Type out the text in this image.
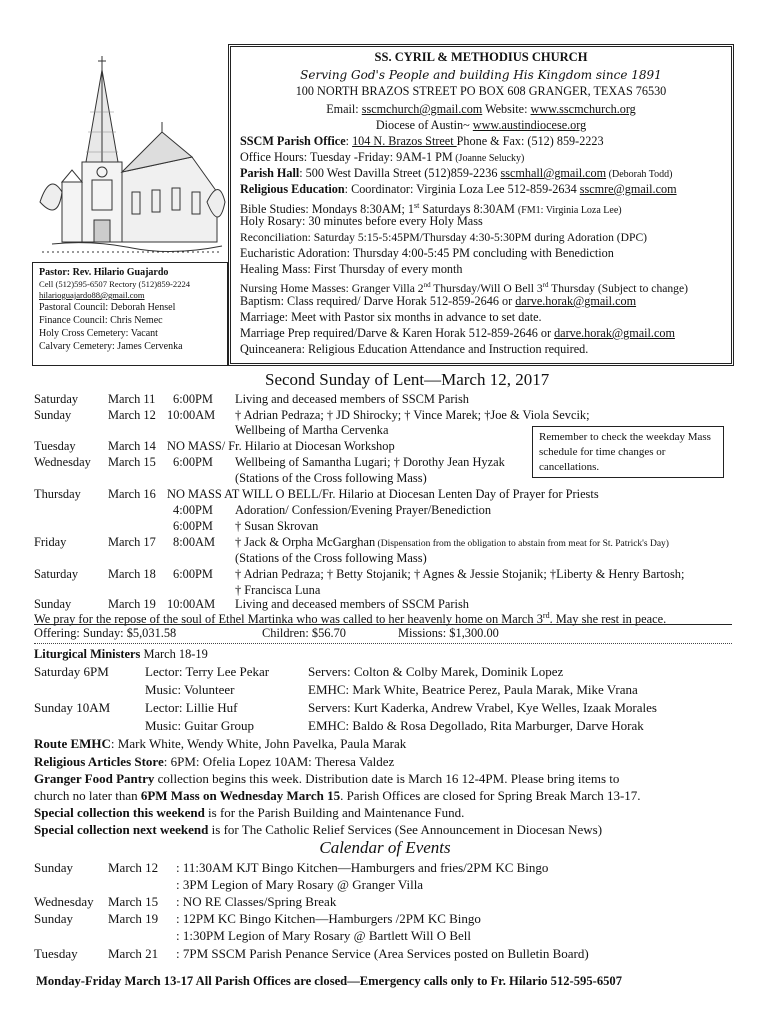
Pastor: Rev. Hilario Guajardo
Cell (512)595-6507 Rectory (512)859-2224
hilarioguajardo88@gmail.com
Pastoral Council: Deborah Hensel
Finance Council: Chris Nemec
Holy Cross Cemetery: Vacant
Calvary Cemetery: James Cervenka
SS. CYRIL & METHODIUS CHURCH
Serving God's People and building His Kingdom since 1891
100 NORTH BRAZOS STREET PO BOX 608 GRANGER, TEXAS 76530
Email: sscmchurch@gmail.com Website: www.sscmchurch.org
Diocese of Austin~ www.austindiocese.org
SSCM Parish Office: 104 N. Brazos Street Phone & Fax: (512) 859-2223
Office Hours: Tuesday -Friday: 9AM-1 PM (Joanne Selucky)
Parish Hall: 500 West Davilla Street (512)859-2236 sscmhall@gmail.com (Deborah Todd)
Religious Education: Coordinator: Virginia Loza Lee 512-859-2634 sscmre@gmail.com
Bible Studies: Mondays 8:30AM; 1st Saturdays 8:30AM (FM1: Virginia Loza Lee)
Holy Rosary: 30 minutes before every Holy Mass
Reconciliation: Saturday 5:15-5:45PM/Thursday 4:30-5:30PM during Adoration (DPC)
Eucharistic Adoration: Thursday 4:00-5:45 PM concluding with Benediction
Healing Mass: First Thursday of every month
Nursing Home Masses: Granger Villa 2nd Thursday/Will O Bell 3rd Thursday (Subject to change)
Baptism: Class required/ Darve Horak 512-859-2646 or darve.horak@gmail.com
Marriage: Meet with Pastor six months in advance to set date.
Marriage Prep required/Darve & Karen Horak 512-859-2646 or darve.horak@gmail.com
Quinceanera: Religious Education Attendance and Instruction required.
Second Sunday of Lent—March 12, 2017
Saturday March 11 6:00PM Living and deceased members of SSCM Parish
Sunday	March 12 10:00AM † Adrian Pedraza; † JD Shirocky; † Vince Marek; †Joe & Viola Sevcik;
Wellbeing of Martha Cervenka
Tuesday	March 14 NO MASS/ Fr. Hilario at Diocesan Workshop
Wednesday March 15 6:00PM Wellbeing of Samantha Lugari; † Dorothy Jean Hyzak
(Stations of the Cross following Mass)
Thursday March 16 NO MASS AT WILL O BELL/Fr. Hilario at Diocesan Lenten Day of Prayer for Priests
4:00PM Adoration/ Confession/Evening Prayer/Benediction
6:00PM † Susan Skrovan
Friday	March 17 8:00AM † Jack & Orpha McGarghan (Dispensation from the obligation to abstain from meat for St. Patrick's Day)
(Stations of the Cross following Mass)
Saturday March 18 6:00PM † Adrian Pedraza; † Betty Stojanik; † Agnes & Jessie Stojanik; †Liberty & Henry Bartosh;
† Francisca Luna
Sunday	March 19 10:00AM Living and deceased members of SSCM Parish
Remember to check the weekday Mass schedule for time changes or cancellations.
We pray for the repose of the soul of Ethel Martinka who was called to her heavenly home on March 3rd. May she rest in peace.
Offering: Sunday: $5,031.58	Children: $56.70	Missions: $1,300.00
Liturgical Ministers March 18-19
Saturday 6PM	Lector: Terry Lee Pekar	Servers: Colton & Colby Marek, Dominik Lopez
Music: Volunteer	EMHC: Mark White, Beatrice Perez, Paula Marak, Mike Vrana
Sunday 10AM	Lector: Lillie Huf	Servers: Kurt Kaderka, Andrew Vrabel, Kye Welles, Izaak Morales
Music: Guitar Group	EMHC: Baldo & Rosa Degollado, Rita Marburger, Darve Horak
Route EMHC: Mark White, Wendy White, John Pavelka, Paula Marak
Religious Articles Store: 6PM: Ofelia Lopez 10AM: Theresa Valdez
Granger Food Pantry collection begins this week. Distribution date is March 16 12-4PM. Please bring items to
church no later than 6PM Mass on Wednesday March 15. Parish Offices are closed for Spring Break March 13-17.
Special collection this weekend is for the Parish Building and Maintenance Fund.
Special collection next weekend is for The Catholic Relief Services (See Announcement in Diocesan News)
Calendar of Events
Sunday	March 12 : 11:30AM KJT Bingo Kitchen—Hamburgers and fries/2PM KC Bingo
: 3PM Legion of Mary Rosary @ Granger Villa
Wednesday March 15 : NO RE Classes/Spring Break
Sunday	March 19 : 12PM KC Bingo Kitchen—Hamburgers /2PM KC Bingo
: 1:30PM Legion of Mary Rosary @ Bartlett Will O Bell
Tuesday March 21 : 7PM SSCM Parish Penance Service (Area Services posted on Bulletin Board)
Monday-Friday March 13-17 All Parish Offices are closed—Emergency calls only to Fr. Hilario 512-595-6507
